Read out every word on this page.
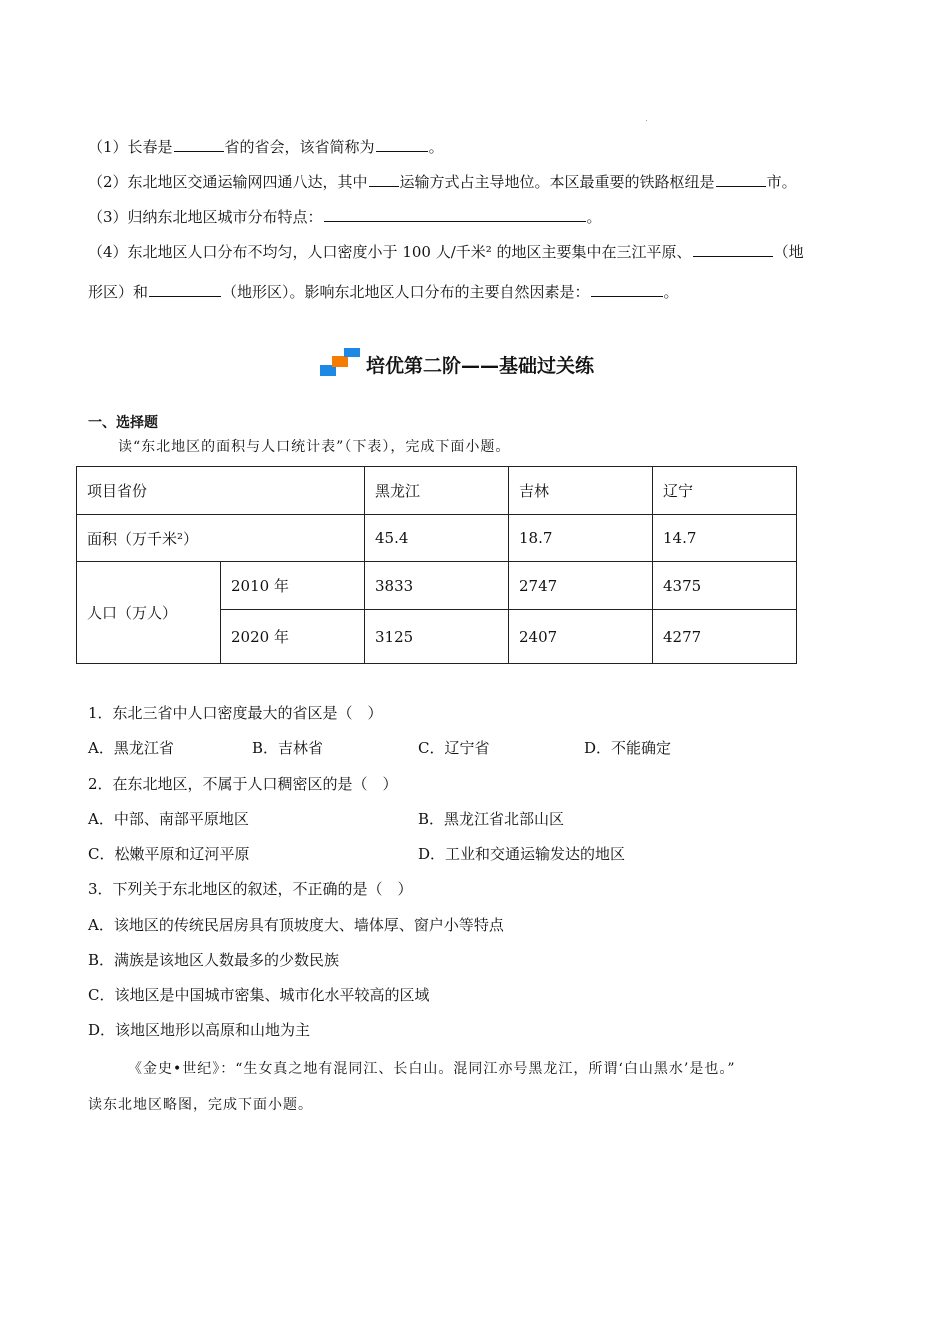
（1）长春是	省的省会，该省简称为	。
（2）东北地区交通运输网四通八达，其中 运输方式占主导地位。本区最重要的铁路枢纽是	市。
（3）归纳东北地区城市分布特点：	。
（4）东北地区人口分布不均匀，人口密度小于 100 人/千米² 的地区主要集中在三江平原、	（地
形区）和	（地形区）。影响东北地区人口分布的主要自然因素是：	。
培优第二阶——基础过关练
一、选择题
读“东北地区的面积与人口统计表”（下表），完成下面小题。
项目省份		黑龙江	吉林	辽宁
面积（万千米²）		45.4	18.7	14.7
人口（万人）	2010 年	3833	2747	4375
	2020 年	3125	2407	4277
1．东北三省中人口密度最大的省区是（　）
A．黑龙江省	B．吉林省	C．辽宁省	D．不能确定
2．在东北地区，不属于人口稠密区的是（　）
A．中部、南部平原地区	B．黑龙江省北部山区
C．松嫩平原和辽河平原	D．工业和交通运输发达的地区
3．下列关于东北地区的叙述，不正确的是（　）
A．该地区的传统民居房具有顶坡度大、墙体厚、窗户小等特点
B．满族是该地区人数最多的少数民族
C．该地区是中国城市密集、城市化水平较高的区域
D．该地区地形以高原和山地为主
《金史•世纪》：“生女真之地有混同江、长白山。混同江亦号黑龙江，所谓‘白山黑水’是也。”
读东北地区略图，完成下面小题。
